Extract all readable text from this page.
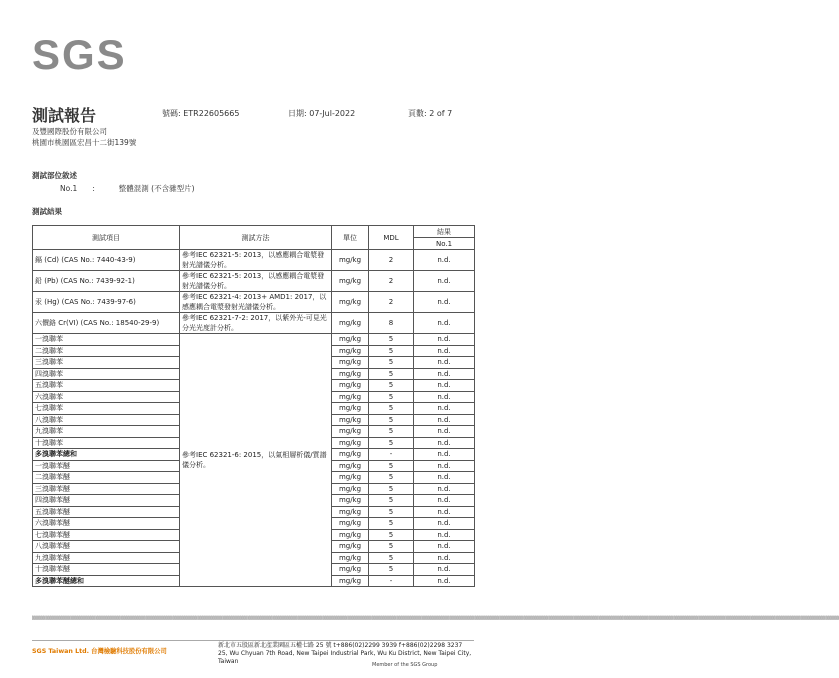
SGS
測試報告	號碼: ETR22605665	日期: 07-Jul-2022	頁數: 2 of 7
及豐國際股份有限公司
桃園市桃園區宏昌十二街139號
測試部位敘述
No.1 :	整體混測 (不含雜型片)
測試結果
測試項目	測試方法	單位	MDL	結果
				No.1
鎘 (Cd) (CAS No.: 7440-43-9)	參考IEC 62321-5: 2013，以感應耦合電漿發射光譜儀分析。	mg/kg	2	n.d.
鉛 (Pb) (CAS No.: 7439-92-1)	參考IEC 62321-5: 2013，以感應耦合電漿發射光譜儀分析。	mg/kg	2	n.d.
汞 (Hg) (CAS No.: 7439-97-6)	參考IEC 62321-4: 2013+ AMD1: 2017，以感應耦合電漿發射光譜儀分析。	mg/kg	2	n.d.
六價鉻 Cr(VI) (CAS No.: 18540-29-9)	參考IEC 62321-7-2: 2017，以紫外光-可見光分光光度計分析。	mg/kg	8	n.d.
一溴聯苯	參考IEC 62321-6: 2015，以氣相層析儀/質譜儀分析。	mg/kg	5	n.d.
二溴聯苯		mg/kg	5	n.d.
三溴聯苯		mg/kg	5	n.d.
四溴聯苯		mg/kg	5	n.d.
五溴聯苯		mg/kg	5	n.d.
六溴聯苯		mg/kg	5	n.d.
七溴聯苯		mg/kg	5	n.d.
八溴聯苯		mg/kg	5	n.d.
九溴聯苯		mg/kg	5	n.d.
十溴聯苯		mg/kg	5	n.d.
多溴聯苯總和		mg/kg	-	n.d.
一溴聯苯醚		mg/kg	5	n.d.
二溴聯苯醚		mg/kg	5	n.d.
三溴聯苯醚		mg/kg	5	n.d.
四溴聯苯醚		mg/kg	5	n.d.
五溴聯苯醚		mg/kg	5	n.d.
六溴聯苯醚		mg/kg	5	n.d.
七溴聯苯醚		mg/kg	5	n.d.
八溴聯苯醚		mg/kg	5	n.d.
九溴聯苯醚		mg/kg	5	n.d.
十溴聯苯醚		mg/kg	5	n.d.
多溴聯苯醚總和		mg/kg	-	n.d.
▒▒▒▒▒▒▒▒▒▒▒▒▒▒▒▒▒▒▒▒▒▒▒▒▒▒▒▒▒▒▒▒▒▒▒▒▒▒▒▒▒▒▒▒▒▒▒▒▒▒▒▒▒▒▒▒▒▒▒▒▒▒▒▒▒▒▒▒▒▒▒▒▒▒▒▒▒▒▒▒▒▒▒▒▒▒▒▒▒▒▒▒▒▒▒▒▒▒▒▒▒▒▒▒▒▒▒▒▒▒▒▒▒▒▒▒▒▒▒▒▒▒▒▒▒▒▒▒▒▒▒▒▒▒▒▒▒▒▒▒▒▒▒▒▒▒▒▒▒▒▒▒▒▒▒▒▒▒▒▒▒▒▒▒▒▒▒▒▒▒▒▒▒▒▒▒▒▒▒▒▒▒▒▒▒▒▒▒▒▒▒▒▒▒▒▒▒▒▒▒▒▒▒▒▒▒▒▒▒▒▒▒▒▒▒▒▒▒▒▒▒▒▒▒▒▒▒▒▒▒▒▒▒▒▒▒▒▒▒▒▒▒▒▒▒▒▒▒▒▒▒▒▒▒▒▒▒▒▒▒▒▒▒▒▒▒▒▒▒▒▒▒▒▒▒▒▒▒▒▒▒▒▒▒▒▒▒▒▒▒▒▒
SGS Taiwan Ltd. 台灣檢驗科技股份有限公司
新北市五股區新北產業園區五權七路 25 號 t+886(02)2299 3939 f+886(02)2298 3237
25, Wu Chyuan 7th Road, New Taipei Industrial Park, Wu Ku District, New Taipei City, Taiwan	Member of the SGS Group
